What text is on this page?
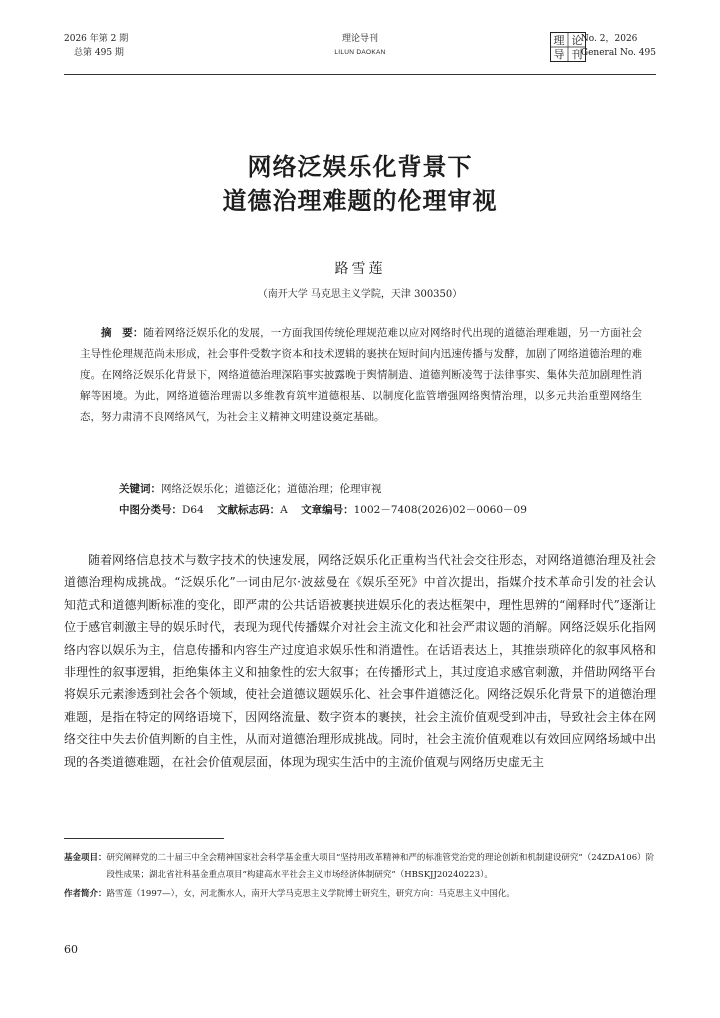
2026 年第 2 期
总第 495 期
理论导刊
LILUN DAOKAN
理 论
导 刊
No. 2，2026
General No. 495
网络泛娱乐化背景下
道德治理难题的伦理审视
路雪莲
（南开大学 马克思主义学院，天津 300350）

摘　要：随着网络泛娱乐化的发展，一方面我国传统伦理规范难以应对网络时代出现的道德治理难题，另一方面社会主导性伦理规范尚未形成，社会事件受数字资本和技术逻辑的裹挟在短时间内迅速传播与发酵，加剧了网络道德治理的难度。在网络泛娱乐化背景下，网络道德治理深陷事实披露晚于舆情制造、道德判断凌驾于法律事实、集体失范加剧理性消解等困境。为此，网络道德治理需以多维教育筑牢道德根基、以制度化监管增强网络舆情治理，以多元共治重塑网络生态，努力肃清不良网络风气，为社会主义精神文明建设奠定基础。

关键词：网络泛娱乐化；道德泛化；道德治理；伦理审视
中图分类号：D64 文献标志码：A 文章编号：1002－7408(2026)02－0060－09

随着网络信息技术与数字技术的快速发展，网络泛娱乐化正重构当代社会交往形态，对网络道德治理及社会道德治理构成挑战。“泛娱乐化”一词由尼尔·波兹曼在《娱乐至死》中首次提出，指媒介技术革命引发的社会认知范式和道德判断标准的变化，即严肃的公共话语被裹挟进娱乐化的表达框架中，理性思辨的“阐释时代”逐渐让位于感官刺激主导的娱乐时代，表现为现代传播媒介对社会主流文化和社会严肃议题的消解。网络泛娱乐化指网络内容以娱乐为主，信息传播和内容生产过度追求娱乐性和消遣性。在话语表达上，其推崇琐碎化的叙事风格和非理性的叙事逻辑，拒绝集体主义和抽象性的宏大叙事；在传播形式上，其过度追求感官刺激，并借助网络平台将娱乐元素渗透到社会各个领域，使社会道德议题娱乐化、社会事件道德泛化。网络泛娱乐化背景下的道德治理难题，是指在特定的网络语境下，因网络流量、数字资本的裹挟，社会主流价值观受到冲击，导致社会主体在网络交往中失去价值判断的自主性，从而对道德治理形成挑战。同时，社会主流价值观难以有效回应网络场域中出现的各类道德难题，在社会价值观层面，体现为现实生活中的主流价值观与网络历史虚无主

基金项目： 研究阐释党的二十届三中全会精神国家社会科学基金重大项目“坚持用改革精神和严的标准管党治党的理论创新和机制建设研究”（24ZDA106）阶段性成果；湖北省社科基金重点项目“构建高水平社会主义市场经济体制研究”（HBSKJJ20240223）。
作者简介： 路雪莲（1997—），女，河北衡水人，南开大学马克思主义学院博士研究生，研究方向：马克思主义中国化。
60
